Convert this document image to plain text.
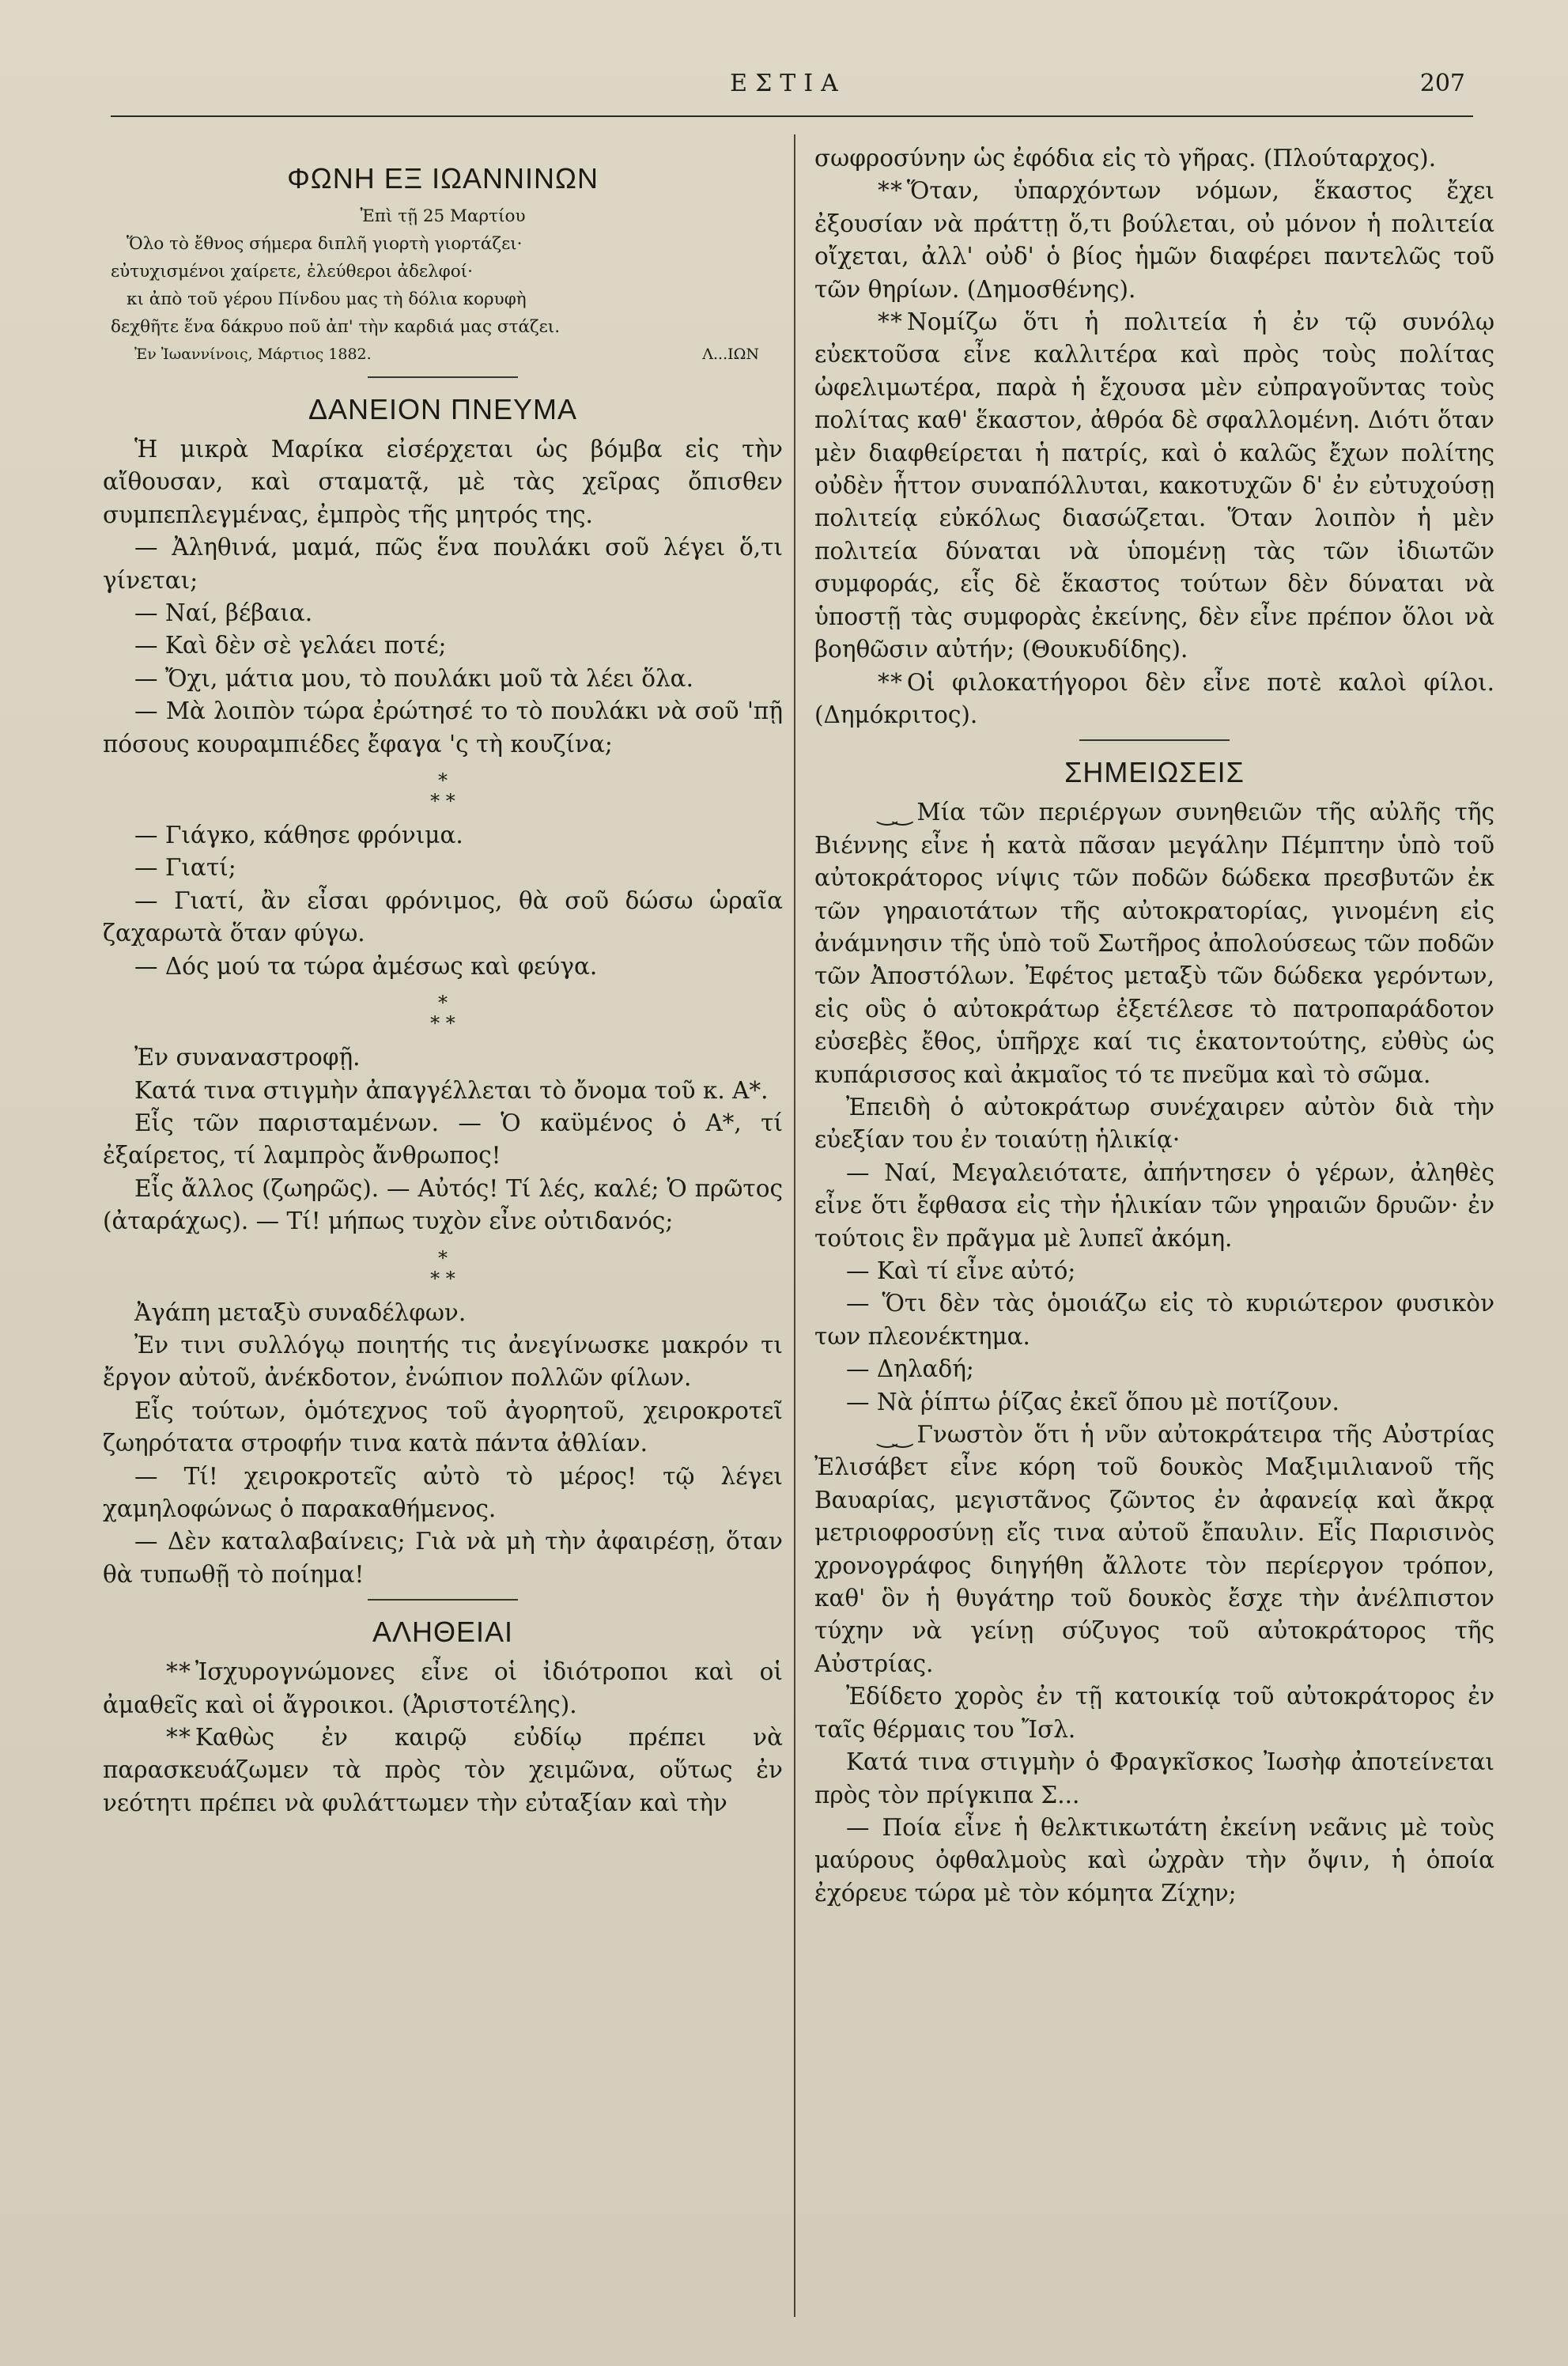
ΕΣΤΙΑ	207
ΦΩΝΗ ΕΞ ΙΩΑΝΝΙΝΩΝ

Ἐπὶ τῇ 25 Μαρτίου

Ὅλο τὸ ἔθνος σήμερα διπλῆ γιορτὴ γιορτάζει·

εὐτυχισμένοι χαίρετε, ἐλεύθεροι ἀδελφοί·

κι ἀπὸ τοῦ γέρου Πίνδου μας τὴ δόλια κορυφὴ

δεχθῆτε ἕνα δάκρυο ποῦ ἀπ' τὴν καρδιά μας στάζει.

Ἐν Ἰωαννίνοις, Μάρτιος 1882.	Λ...ΙΩΝ
ΔΑΝΕΙΟΝ ΠΝΕΥΜΑ

Ἡ μικρὰ Μαρίκα εἰσέρχεται ὡς βόμβα εἰς τὴν αἴθουσαν, καὶ σταματᾷ, μὲ τὰς χεῖρας ὄπισθεν συμπεπλεγμένας, ἐμπρὸς τῆς μητρός της.

— Ἀληθινά, μαμά, πῶς ἕνα πουλάκι σοῦ λέγει ὅ,τι γίνεται;

— Ναί, βέβαια.

— Καὶ δὲν σὲ γελάει ποτέ;

— Ὄχι, μάτια μου, τὸ πουλάκι μοῦ τὰ λέει ὅλα.

— Μὰ λοιπὸν τώρα ἐρώτησέ το τὸ πουλάκι νὰ σοῦ 'πῇ πόσους κουραμπιέδες ἔφαγα 'ς τὴ κουζίνα;

*
* *

— Γιάγκο, κάθησε φρόνιμα.

— Γιατί;

— Γιατί, ἂν εἶσαι φρόνιμος, θὰ σοῦ δώσω ὡραῖα ζαχαρωτὰ ὅταν φύγω.

— Δός μού τα τώρα ἀμέσως καὶ φεύγα.

*
* *

Ἐν συναναστροφῇ.

Κατά τινα στιγμὴν ἀπαγγέλλεται τὸ ὄνομα τοῦ κ. Α*.

Εἷς τῶν παρισταμένων. — Ὁ καϋμένος ὁ Α*, τί ἐξαίρετος, τί λαμπρὸς ἄνθρωπος!

Εἷς ἄλλος (ζωηρῶς). — Αὐτός! Τί λές, καλέ; Ὁ πρῶτος (ἀταράχως). — Τί! μήπως τυχὸν εἶνε οὐτιδανός;

*
* *

Ἀγάπη μεταξὺ συναδέλφων.

Ἐν τινι συλλόγῳ ποιητής τις ἀνεγίνωσκε μακρόν τι ἔργον αὐτοῦ, ἀνέκδοτον, ἐνώπιον πολλῶν φίλων.

Εἷς τούτων, ὁμότεχνος τοῦ ἀγορητοῦ, χειροκροτεῖ ζωηρότατα στροφήν τινα κατὰ πάντα ἀθλίαν.

— Τί! χειροκροτεῖς αὐτὸ τὸ μέρος! τῷ λέγει χαμηλοφώνως ὁ παρακαθήμενος.

— Δὲν καταλαβαίνεις; Γιὰ νὰ μὴ τὴν ἀφαιρέσῃ, ὅταν θὰ τυπωθῇ τὸ ποίημα!

ΑΛΗΘΕΙΑΙ

* * Ἰσχυρογνώμονες εἶνε οἱ ἰδιότροποι καὶ οἱ ἀμαθεῖς καὶ οἱ ἄγροικοι. (Ἀριστοτέλης).

* * Καθὼς ἐν καιρῷ εὐδίῳ πρέπει νὰ παρασκευάζωμεν τὰ πρὸς τὸν χειμῶνα, οὕτως ἐν νεότητι πρέπει νὰ φυλάττωμεν τὴν εὐταξίαν καὶ τὴν

σωφροσύνην ὡς ἐφόδια εἰς τὸ γῆρας. (Πλούταρχος).

* * Ὅταν, ὑπαρχόντων νόμων, ἕκαστος ἔχει ἐξουσίαν νὰ πράττῃ ὅ,τι βούλεται, οὐ μόνον ἡ πολιτεία οἴχεται, ἀλλ' οὐδ' ὁ βίος ἡμῶν διαφέρει παντελῶς τοῦ τῶν θηρίων. (Δημοσθένης).

* * Νομίζω ὅτι ἡ πολιτεία ἡ ἐν τῷ συνόλῳ εὐεκτοῦσα εἶνε καλλιτέρα καὶ πρὸς τοὺς πολίτας ὠφελιμωτέρα, παρὰ ἡ ἔχουσα μὲν εὐπραγοῦντας τοὺς πολίτας καθ' ἕκαστον, ἀθρόα δὲ σφαλλομένη. Διότι ὅταν μὲν διαφθείρεται ἡ πατρίς, καὶ ὁ καλῶς ἔχων πολίτης οὐδὲν ἧττον συναπόλλυται, κακοτυχῶν δ' ἐν εὐτυχούσῃ πολιτείᾳ εὐκόλως διασώζεται. Ὅταν λοιπὸν ἡ μὲν πολιτεία δύναται νὰ ὑπομένῃ τὰς τῶν ἰδιωτῶν συμφοράς, εἷς δὲ ἕκαστος τούτων δὲν δύναται νὰ ὑποστῇ τὰς συμφορὰς ἐκείνης, δὲν εἶνε πρέπον ὅλοι νὰ βοηθῶσιν αὐτήν; (Θουκυδίδης).

* * Οἱ φιλοκατήγοροι δὲν εἶνε ποτὲ καλοὶ φίλοι. (Δημόκριτος).

ΣΗΜΕΙΩΣΕΙΣ

‿‿ Μία τῶν περιέργων συνηθειῶν τῆς αὐλῆς τῆς Βιέννης εἶνε ἡ κατὰ πᾶσαν μεγάλην Πέμπτην ὑπὸ τοῦ αὐτοκράτορος νίψις τῶν ποδῶν δώδεκα πρεσβυτῶν ἐκ τῶν γηραιοτάτων τῆς αὐτοκρατορίας, γινομένη εἰς ἀνάμνησιν τῆς ὑπὸ τοῦ Σωτῆρος ἀπολούσεως τῶν ποδῶν τῶν Ἀποστόλων. Ἐφέτος μεταξὺ τῶν δώδεκα γερόντων, εἰς οὓς ὁ αὐτοκράτωρ ἐξετέλεσε τὸ πατροπαράδοτον εὐσεβὲς ἔθος, ὑπῆρχε καί τις ἑκατοντούτης, εὐθὺς ὡς κυπάρισσος καὶ ἀκμαῖος τό τε πνεῦμα καὶ τὸ σῶμα.

Ἐπειδὴ ὁ αὐτοκράτωρ συνέχαιρεν αὐτὸν διὰ τὴν εὐεξίαν του ἐν τοιαύτῃ ἡλικίᾳ·

— Ναί, Μεγαλειότατε, ἀπήντησεν ὁ γέρων, ἀληθὲς εἶνε ὅτι ἔφθασα εἰς τὴν ἡλικίαν τῶν γηραιῶν δρυῶν· ἐν τούτοις ἓν πρᾶγμα μὲ λυπεῖ ἀκόμη.

— Καὶ τί εἶνε αὐτό;

— Ὅτι δὲν τὰς ὁμοιάζω εἰς τὸ κυριώτερον φυσικὸν των πλεονέκτημα.

— Δηλαδή;

— Νὰ ῥίπτω ῥίζας ἐκεῖ ὅπου μὲ ποτίζουν.

‿‿ Γνωστὸν ὅτι ἡ νῦν αὐτοκράτειρα τῆς Αὐστρίας Ἐλισάβετ εἶνε κόρη τοῦ δουκὸς Μαξιμιλιανοῦ τῆς Βαυαρίας, μεγιστᾶνος ζῶντος ἐν ἀφανείᾳ καὶ ἄκρᾳ μετριοφροσύνῃ εἴς τινα αὐτοῦ ἔπαυλιν. Εἷς Παρισινὸς χρονογράφος διηγήθη ἄλλοτε τὸν περίεργον τρόπον, καθ' ὃν ἡ θυγάτηρ τοῦ δουκὸς ἔσχε τὴν ἀνέλπιστον τύχην νὰ γείνῃ σύζυγος τοῦ αὐτοκράτορος τῆς Αὐστρίας.

Ἐδίδετο χορὸς ἐν τῇ κατοικίᾳ τοῦ αὐτοκράτορος ἐν ταῖς θέρμαις του Ἴσλ.

Κατά τινα στιγμὴν ὁ Φραγκῖσκος Ἰωσὴφ ἀποτείνεται πρὸς τὸν πρίγκιπα Σ...

— Ποία εἶνε ἡ θελκτικωτάτη ἐκείνη νεᾶνις μὲ τοὺς μαύρους ὀφθαλμοὺς καὶ ὠχρὰν τὴν ὄψιν, ἡ ὁποία ἐχόρευε τώρα μὲ τὸν κόμητα Ζίχην;
